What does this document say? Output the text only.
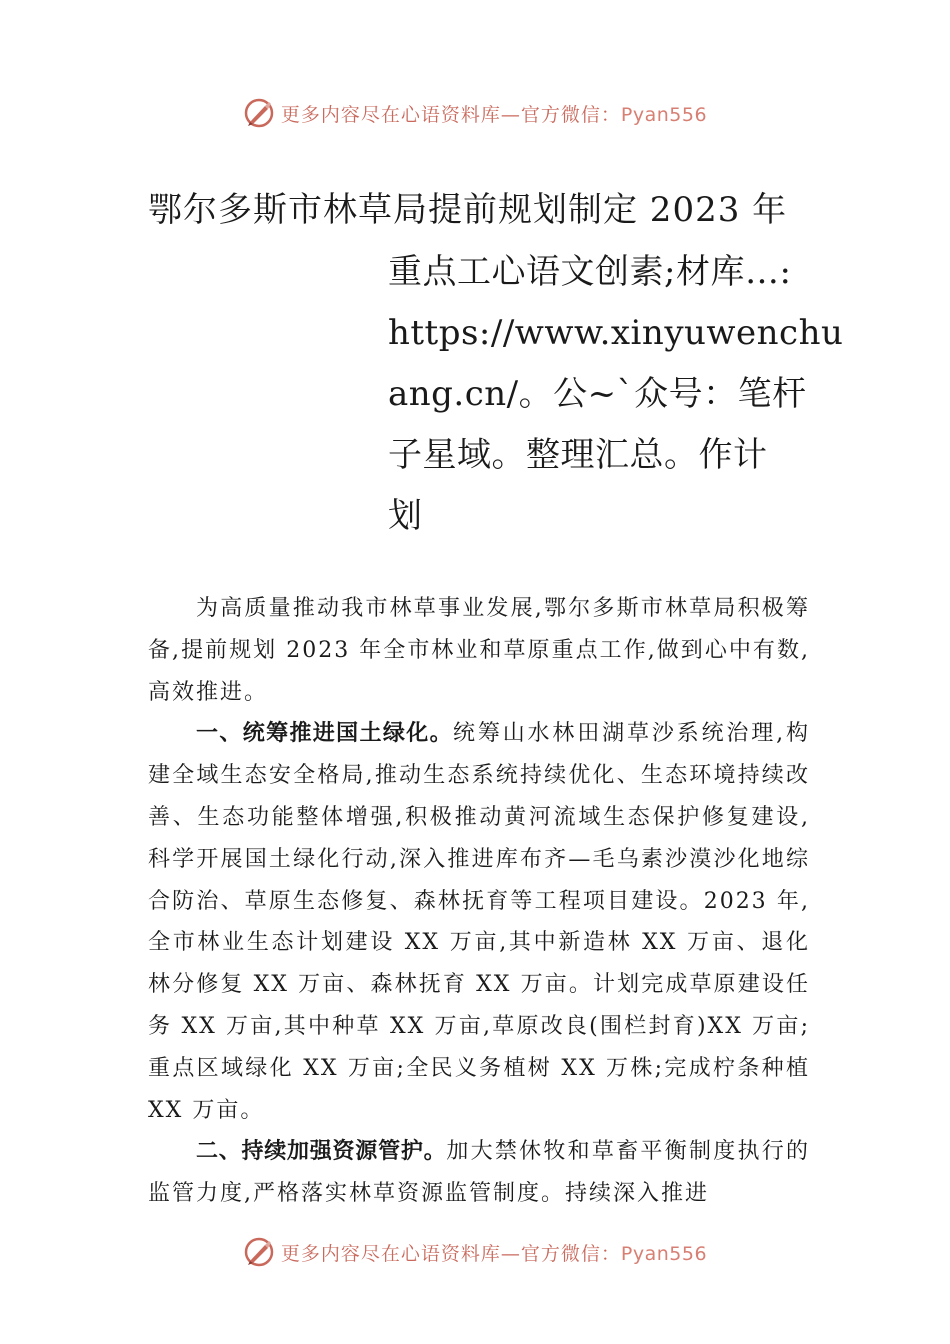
更多内容尽在心语资料库—官方微信：Pyan556
鄂尔多斯市林草局提前规划制定 2023 年
重点工心语文创素;材库…:
https://www.xinyuwenchu
ang.cn/。公~`众号：笔杆
子星域。整理汇总。作计
划

为高质量推动我市林草事业发展,鄂尔多斯市林草局积极筹备,提前规划 2023 年全市林业和草原重点工作,做到心中有数,高效推进。

一、统筹推进国土绿化。统筹山水林田湖草沙系统治理,构建全域生态安全格局,推动生态系统持续优化、生态环境持续改善、生态功能整体增强,积极推动黄河流域生态保护修复建设,科学开展国土绿化行动,深入推进库布齐—毛乌素沙漠沙化地综合防治、草原生态修复、森林抚育等工程项目建设。2023 年,全市林业生态计划建设 XX 万亩,其中新造林 XX 万亩、退化林分修复 XX 万亩、森林抚育 XX 万亩。计划完成草原建设任务 XX 万亩,其中种草 XX 万亩,草原改良(围栏封育)XX 万亩;重点区域绿化 XX 万亩;全民义务植树 XX 万株;完成柠条种植 XX 万亩。

二、持续加强资源管护。加大禁休牧和草畜平衡制度执行的监管力度,严格落实林草资源监管制度。持续深入推进

更多内容尽在心语资料库—官方微信：Pyan556
